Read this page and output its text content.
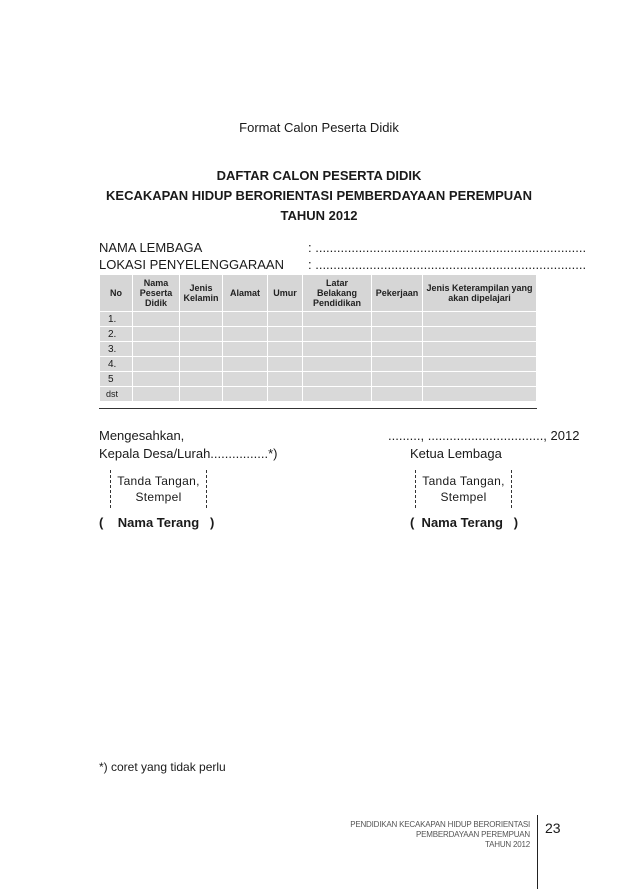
Format Calon Peserta Didik
DAFTAR CALON PESERTA DIDIK
KECAKAPAN HIDUP BERORIENTASI PEMBERDAYAAN PEREMPUAN
TAHUN 2012
NAMA LEMBAGA	: ...........................................................................
LOKASI PENYELENGGARAAN : ...........................................................................
No	Nama Peserta Didik	Jenis Kelamin	Alamat	Umur	Latar Belakang Pendidikan	Pekerjaan	Jenis Keterampilan yang akan dipelajari
1.							
2.							
3.							
4.							
5							
dst							
Mengesahkan,
Kepala Desa/Lurah................*)
........., ................................, 2012
Ketua Lembaga
Tanda Tangan,
Stempel
Tanda Tangan,
Stempel
(    Nama Terang   )	(  Nama Terang   )
*) coret yang tidak perlu
PENDIDIKAN KECAKAPAN HIDUP BERORIENTASI
PEMBERDAYAAN PEREMPUAN
TAHUN 2012
23
